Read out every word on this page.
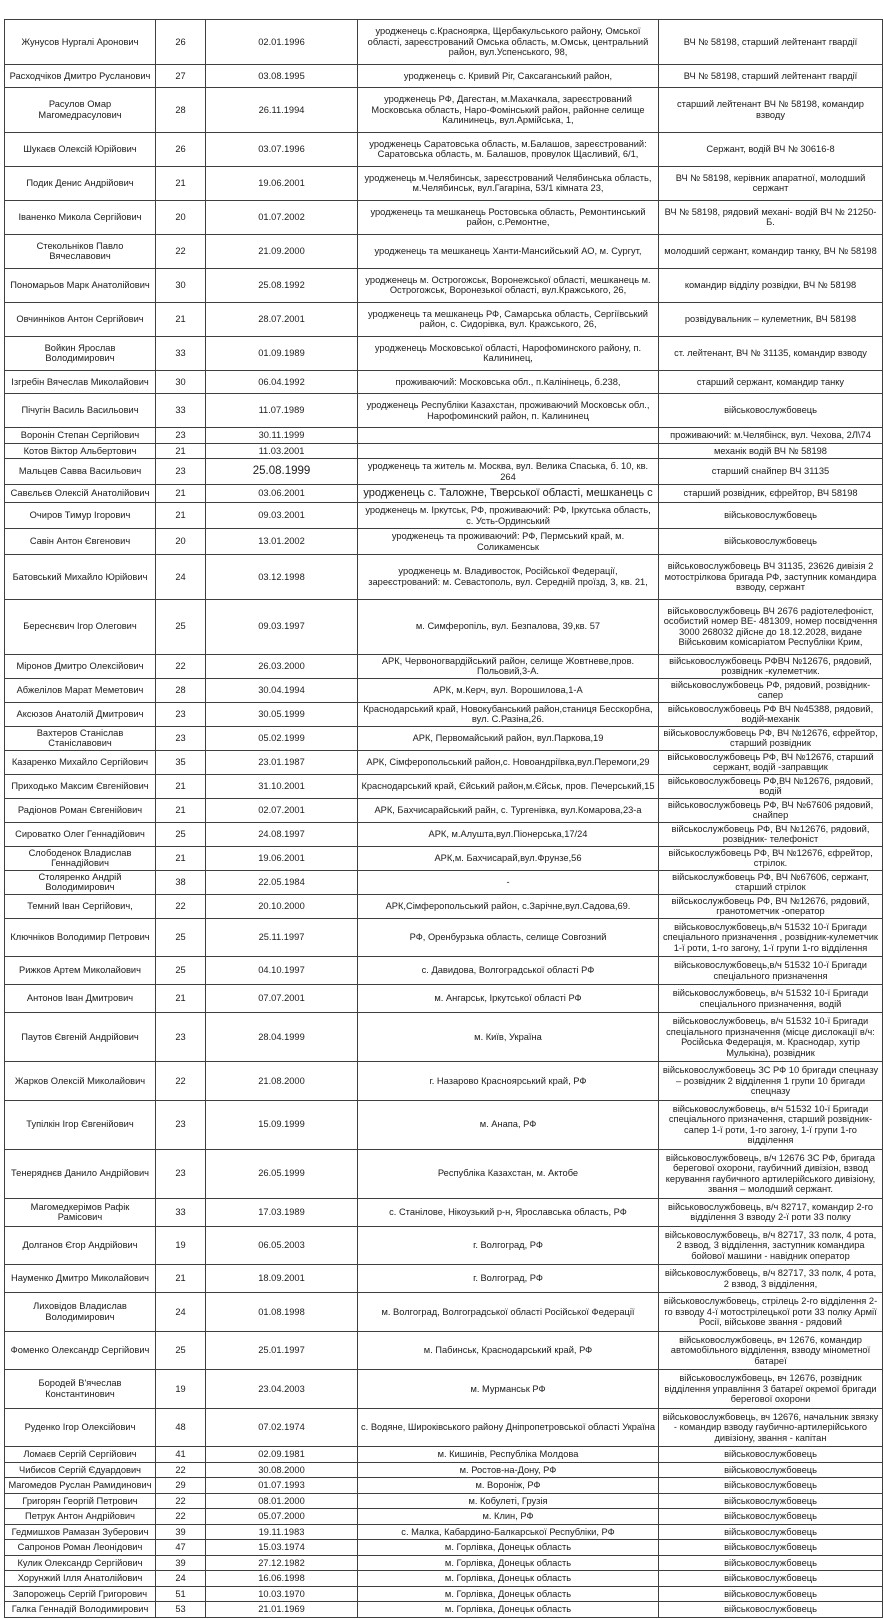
Жунусов Нургалі Аронович	26	02.01.1996	уродженець с.Красноярка, Щербакульського району, Омської області, зареєстрований Омська область, м.Омськ, центральний район, вул.Успенського, 98,	ВЧ № 58198, старший лейтенант гвардії
Расходчіков Дмитро Русланович	27	03.08.1995	уродженець с. Кривий Ріг, Саксаганський район,	ВЧ № 58198, старший лейтенант гвардії
Расулов Омар Магомедрасулович	28	26.11.1994	уродженець РФ, Дагестан, м.Махачкала, зареєстрований Московська область, Наро-Фомінський район, районне селище Калининець, вул.Армійська, 1,	старший лейтенант ВЧ № 58198, командир взводу
Шукаєв Олексій Юрійович	26	03.07.1996	уродженець Саратовська область, м.Балашов, зареєстрований: Саратовська область, м. Балашов, провулок Щасливий, 6/1,	Сержант, водій ВЧ № 30616-8
Подик Денис Андрійович	21	19.06.2001	уродженець м.Челябинськ, зареєстрований Челябинська область, м.Челябинськ, вул.Гагаріна, 53/1 кімната 23,	ВЧ № 58198, керівник апаратної, молодший сержант
Іваненко Микола Сергійович	20	01.07.2002	уродженець та мешканець Ростовська область, Ремонтинський район, с.Ремонтне,	ВЧ № 58198, рядовий механі- водій ВЧ № 21250-Б.
Стекольніков Павло Вячеславович	22	21.09.2000	уродженець та мешканець Ханти-Мансийський АО, м. Сургут,	молодший сержант, командир танку, ВЧ № 58198
Пономарьов Марк Анатолійович	30	25.08.1992	уродженець м. Острогожськ, Воронежської області, мешканець м. Острогожськ, Воронезької області, вул.Кражського, 26,	командир відділу розвідки, ВЧ № 58198
Овчинніков Антон Сергійович	21	28.07.2001	уродженець та мешканець РФ, Самарська область, Сергіївський район, с. Сидорівка, вул. Кражського, 26,	розвідувальник – кулеметник, ВЧ 58198
Войкин Ярослав Володимирович	33	01.09.1989	уродженець Московської області, Нарофоминского району, п. Калининец,	ст. лейтенант, ВЧ № 31135, командир взводу
Ізгребін Вячеслав Миколайович	30	06.04.1992	проживаючий: Московська обл., п.Калінінець, б.238,	старший сержант, командир танку
Пічугін Василь Васильович	33	11.07.1989	уродженець Республіки Казахстан, проживаючий Московськ обл., Нарофоминский район, п. Калининец	військовослужбовець
Воронін Степан Сергійович	23	30.11.1999		проживаючий: м.Челябінск, вул. Чехова, 2Л\74
Котов Віктор Альбертович	21	11.03.2001		механік водій ВЧ № 58198
Мальцев Савва Васильович	23	25.08.1999	уродженець та житель м. Москва, вул. Велика Спаська, б. 10, кв. 264	старший снайпер ВЧ 31135
Савєльєв Олексій Анатолійович	21	03.06.2001	уродженець с. Таложне, Тверської області, мешканець с	старший розвідник, єфрейтор, ВЧ 58198
Очиров Тимур Ігорович	21	09.03.2001	уродженець м. Іркутськ, РФ, проживаючий: РФ, Іркутська область, с. Усть-Ординський	військовослужбовець
Савін Антон Євгенович	20	13.01.2002	уродженець та проживаючий: РФ, Пермський край, м. Соликаменськ	військовослужбовець
Батовський Михайло Юрійович	24	03.12.1998	уродженець м. Владивосток, Російської Федерації, зареєстрований: м. Севастополь, вул. Середній проїзд, 3, кв. 21,	військовослужбовець ВЧ 31135, 23626 дивізія 2 мотострілкова бригада РФ, заступник командира взводу, сержант
Береснєвич Ігор Олегович	25	09.03.1997	м. Симферопіль, вул. Безпалова, 39,кв. 57	військовослужбовець ВЧ 2676 радіотелефоніст, особистий номер ВЕ- 481309, номер посвідчення 3000 268032 дійсне до 18.12.2028, видане Військовим комісаріатом Республіки Крим,
Міронов Дмитро Олексійович	22	26.03.2000	АРК, Червоногвардійський район, селище Жовтневе,пров. Польовий,3-А.	військовослужбовець РФВЧ №12676, рядовий, розвідник -кулеметчик.
Абжелілов Марат Меметович	28	30.04.1994	АРК, м.Керч, вул. Ворошилова,1-А	військовослужбовець РФ, рядовий, розвідник- сапер
Аксюзов Анатолій Дмитрович	23	30.05.1999	Краснодарський край, Новокубанський район,станиця Бесскорбна, вул. С.Разіна,26.	військовослужбовець РФ ВЧ №45388, рядовий, водій-механік
Вахтеров Станіслав Станіславович	23	05.02.1999	АРК, Первомайський район, вул.Паркова,19	військовослужбовець РФ, ВЧ №12676, єфрейтор, старший розвідник
Казаренко Михайло Сергійович	35	23.01.1987	АРК, Сімферопольський район,с. Новоандріївка,вул.Перемоги,29	військовослужбовець РФ, ВЧ №12676, старший сержант, водій -заправщик
Приходько Максим Євгенійович	21	31.10.2001	Краснодарський край, Єйський район,м.Єйськ, пров. Печерський,15	військовослужбовець РФ,ВЧ №12676, рядовий, водій
Радіонов Роман Євгенійович	21	02.07.2001	АРК, Бахчисарайський райн, с. Тургенівка, вул.Комарова,23-а	військовослужбовець РФ, ВЧ №67606 рядовий, снайпер
Сироватко Олег Геннадійович	25	24.08.1997	АРК, м.Алушта,вул.Піонерська,17/24	військослужбовець РФ, ВЧ №12676, рядовий, розвідник- телефоніст
Слободенок Владислав Геннадійович	21	19.06.2001	АРК,м. Бахчисарай,вул.Фрунзе,56	військослужбовець РФ, ВЧ №12676, єфрейтор, стрілок.
Столяренко Андрій Володимирович	38	22.05.1984	-	військослужбовець РФ, ВЧ №67606, сержант, старший стрілок
Темний Іван Сергійович,	22	20.10.2000	АРК,Сімферопольський район, с.Зарічне,вул.Садова,69.	військослужбовець РФ, ВЧ №12676, рядовий, гранотометчик -оператор
Ключніков Володимир Петрович	25	25.11.1997	РФ, Оренбурзька область, селище Совгозний	військовослужбовець,в/ч 51532 10-ї Бригади спеціального призначення , розвідник-кулеметчик 1-ї роти, 1-го загону, 1-ї групи 1-го відділення
Рижков Артем Миколайович	25	04.10.1997	с. Давидова, Волгоградської області РФ	військовослужбовець,в/ч 51532 10-ї Бригади спеціального призначення
Антонов Іван Дмитрович	21	07.07.2001	м. Ангарськ, Іркутської області РФ	військовослужбовець, в/ч 51532 10-ї Бригади спеціального призначення, водій
Паутов Євгеній Андрійович	23	28.04.1999	м. Київ, Україна	військовослужбовець, в/ч 51532 10-ї Бригади спеціального призначення (місце дислокації в/ч: Російська Федерація, м. Краснодар, хутір Мулькіна), розвідник
Жарков Олексій Миколайович	22	21.08.2000	г. Назарово Красноярський край, РФ	військовослужбовець ЗС РФ 10 бригади спецназу – розвідник 2 відділення 1 групи 10 бригади спецназу
Тупілкін Ігор Євгенійович	23	15.09.1999	м. Анапа, РФ	військовослужбовець, в/ч 51532 10-ї Бригади спеціального призначення, старший розвідник-сапер 1-ї роти, 1-го загону, 1-ї групи 1-го відділення
Тенеряднєв Данило Андрійович	23	26.05.1999	Республіка Казахстан, м. Актобе	військовослужбовець, в/ч 12676 ЗС РФ, бригада берегової охорони, гаубичний дивізіон, взвод керування гаубичного артилерійського дивізіону, звання – молодший сержант.
Магомедкерімов Рафік Рамісович	33	17.03.1989	с. Станілове, Нікоузький р-н, Ярославська область, РФ	військовослужбовець, в/ч 82717, командир 2-го відділення 3 взводу 2-ї роти 33 полку
Долганов Єгор Андрійович	19	06.05.2003	г. Волгоград, РФ	військовослужбовець, в/ч 82717, 33 полк, 4 рота, 2 взвод, 3 відділення, заступник командира бойової машини - навідник оператор
Науменко Дмитро Миколайович	21	18.09.2001	г. Волгоград, РФ	військовослужбовець, в/ч 82717, 33 полк, 4 рота, 2 взвод, 3 відділення,
Лиховідов Владислав Володимирович	24	01.08.1998	м. Волгоград, Волгоградської області Російської Федерації	військовослужбовець, стрілець 2-го відділення 2-го взводу 4-ї мотострілецької роти 33 полку Армії Росії, військове звання - рядовий
Фоменко Олександр Сергійович	25	25.01.1997	м. Пабинськ, Краснодарський край, РФ	військовослужбовець, вч 12676, командир автомобільного відділення, взводу мінометної батареї
Бородей В'ячеслав Константинович	19	23.04.2003	м. Мурманськ РФ	військовослужбовець, вч 12676, розвідник відділення управління 3 батареї окремої бригади берегової охорони
Руденко Ігор Олексійович	48	07.02.1974	с. Водяне, Широківського району Дніпропетровської області Україна	військовослужбовець, вч 12676, начальник звязку - командир взводу гаубично-артилерійського дивізіону, звання - капітан
Ломаєв Сергій Сергійович	41	02.09.1981	м. Кишинів, Республіка Молдова	військовослужбовець
Чибисов Сергій Єдуардович	22	30.08.2000	м. Ростов-на-Дону, РФ	військовослужбовець
Магомедов Руслан Рамидинович	29	01.07.1993	м. Вороніж, РФ	військовослужбовець
Григорян Георгій Петрович	22	08.01.2000	м. Кобулеті, Грузія	військовослужбовець
Петрук Антон Андрійович	22	05.07.2000	м. Клин, РФ	військовослужбовець
Гедмишхов Рамазан Зуберович	39	19.11.1983	с. Малка, Кабардино-Балкарської Республіки, РФ	військовослужбовець
Сапронов Роман Леонідович	47	15.03.1974	м. Горлівка, Донецьк область	військовослужбовець
Кулик Олександр Сергійович	39	27.12.1982	м. Горлівка, Донецьк область	військовослужбовець
Хорунжий Ілля Анатолійович	24	16.06.1998	м. Горлівка, Донецьк область	військовослужбовець
Запорожець Сергій Григорович	51	10.03.1970	м. Горлівка, Донецьк область	військовослужбовець
Галка Геннадій Володимирович	53	21.01.1969	м. Горлівка, Донецьк область	військовослужбовець
